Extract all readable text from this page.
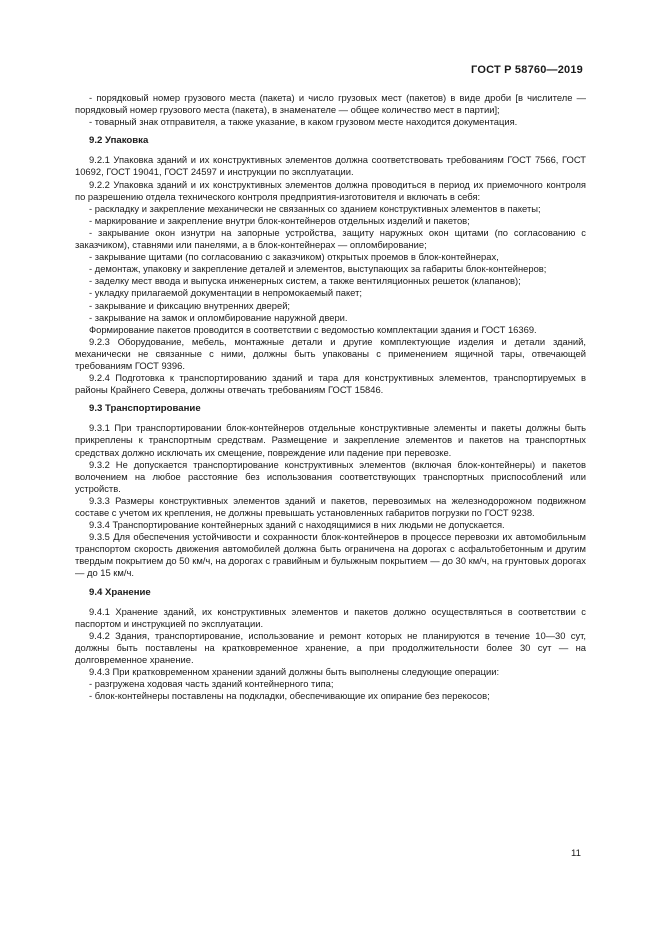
ГОСТ Р 58760—2019

- порядковый номер грузового места (пакета) и число грузовых мест (пакетов) в виде дроби [в числителе — порядковый номер грузового места (пакета), в знаменателе — общее количество мест в партии];

- товарный знак отправителя, а также указание, в каком грузовом месте находится документация.

9.2 Упаковка

9.2.1 Упаковка зданий и их конструктивных элементов должна соответствовать требованиям ГОСТ 7566, ГОСТ 10692, ГОСТ 19041, ГОСТ 24597 и инструкции по эксплуатации.

9.2.2 Упаковка зданий и их конструктивных элементов должна проводиться в период их приемочного контроля по разрешению отдела технического контроля предприятия-изготовителя и включать в себя:

- раскладку и закрепление механически не связанных со зданием конструктивных элементов в пакеты;

- маркирование и закрепление внутри блок-контейнеров отдельных изделий и пакетов;

- закрывание окон изнутри на запорные устройства, защиту наружных окон щитами (по согласованию с заказчиком), ставнями или панелями, а в блок-контейнерах — опломбирование;

- закрывание щитами (по согласованию с заказчиком) открытых проемов в блок-контейнерах,

- демонтаж, упаковку и закрепление деталей и элементов, выступающих за габариты блок-контейнеров;

- заделку мест ввода и выпуска инженерных систем, а также вентиляционных решеток (клапанов);

- укладку прилагаемой документации в непромокаемый пакет;

- закрывание и фиксацию внутренних дверей;

- закрывание на замок и опломбирование наружной двери.

Формирование пакетов проводится в соответствии с ведомостью комплектации здания и ГОСТ 16369.

9.2.3 Оборудование, мебель, монтажные детали и другие комплектующие изделия и детали зданий, механически не связанные с ними, должны быть упакованы с применением ящичной тары, отвечающей требованиям ГОСТ 9396.

9.2.4 Подготовка к транспортированию зданий и тара для конструктивных элементов, транспортируемых в районы Крайнего Севера, должны отвечать требованиям ГОСТ 15846.

9.3 Транспортирование

9.3.1 При транспортировании блок-контейнеров отдельные конструктивные элементы и пакеты должны быть прикреплены к транспортным средствам. Размещение и закрепление элементов и пакетов на транспортных средствах должно исключать их смещение, повреждение или падение при перевозке.

9.3.2 Не допускается транспортирование конструктивных элементов (включая блок-контейнеры) и пакетов волочением на любое расстояние без использования соответствующих транспортных приспособлений или устройств.

9.3.3 Размеры конструктивных элементов зданий и пакетов, перевозимых на железнодорожном подвижном составе с учетом их крепления, не должны превышать установленных габаритов погрузки по ГОСТ 9238.

9.3.4 Транспортирование контейнерных зданий с находящимися в них людьми не допускается.

9.3.5 Для обеспечения устойчивости и сохранности блок-контейнеров в процессе перевозки их автомобильным транспортом скорость движения автомобилей должна быть ограничена на дорогах с асфальтобетонным и другим твердым покрытием до 50 км/ч, на дорогах с гравийным и булыжным покрытием — до 30 км/ч, на грунтовых дорогах — до 15 км/ч.

9.4 Хранение

9.4.1 Хранение зданий, их конструктивных элементов и пакетов должно осуществляться в соответствии с паспортом и инструкцией по эксплуатации.

9.4.2 Здания, транспортирование, использование и ремонт которых не планируются в течение 10—30 сут, должны быть поставлены на кратковременное хранение, а при продолжительности более 30 сут — на долговременное хранение.

9.4.3 При кратковременном хранении зданий должны быть выполнены следующие операции:

- разгружена ходовая часть зданий контейнерного типа;

- блок-контейнеры поставлены на подкладки, обеспечивающие их опирание без перекосов;

11
